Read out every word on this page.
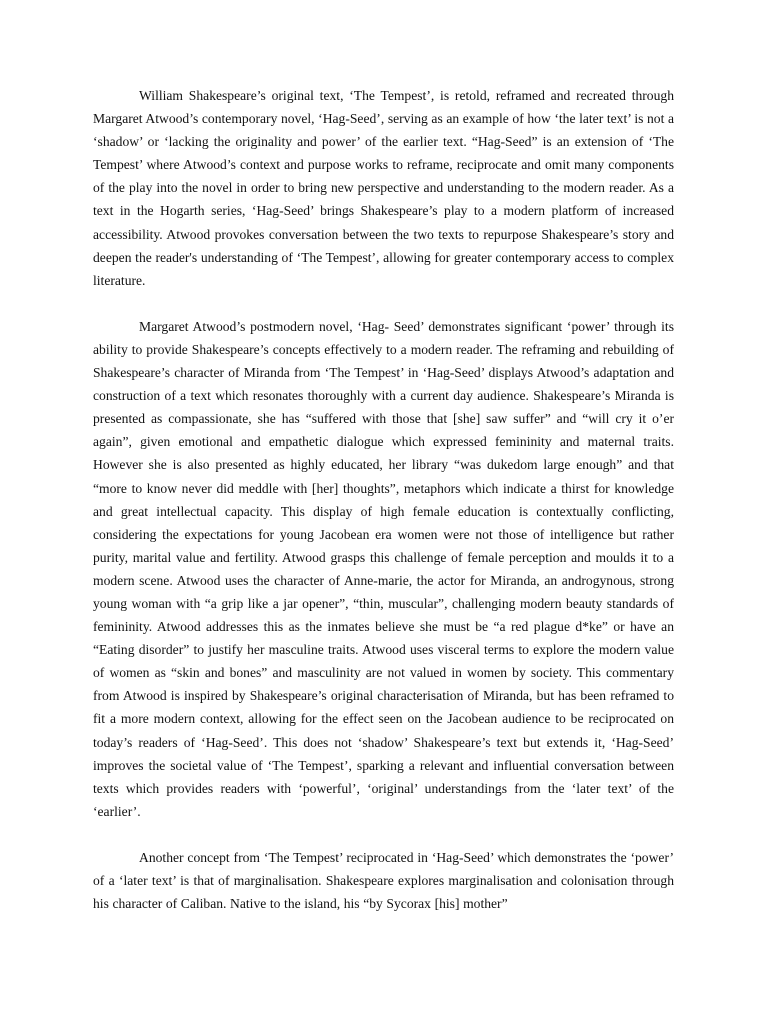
William Shakespeare’s original text, ‘The Tempest’, is retold, reframed and recreated through Margaret Atwood’s contemporary novel, ‘Hag-Seed’, serving as an example of how ‘the later text’ is not a ‘shadow’ or ‘lacking the originality and power’ of the earlier text. “Hag-Seed” is an extension of ‘The Tempest’ where Atwood’s context and purpose works to reframe, reciprocate and omit many components of the play into the novel in order to bring new perspective and understanding to the modern reader. As a text in the Hogarth series, ‘Hag-Seed’ brings Shakespeare’s play to a modern platform of increased accessibility. Atwood provokes conversation between the two texts to repurpose Shakespeare’s story and deepen the reader's understanding of ‘The Tempest’, allowing for greater contemporary access to complex literature.

Margaret Atwood’s postmodern novel, ‘Hag- Seed’ demonstrates significant ‘power’ through its ability to provide Shakespeare’s concepts effectively to a modern reader. The reframing and rebuilding of Shakespeare’s character of Miranda from ‘The Tempest’ in ‘Hag-Seed’ displays Atwood’s adaptation and construction of a text which resonates thoroughly with a current day audience. Shakespeare’s Miranda is presented as compassionate, she has “suffered with those that [she] saw suffer” and “will cry it o’er again”, given emotional and empathetic dialogue which expressed femininity and maternal traits. However she is also presented as highly educated, her library “was dukedom large enough” and that “more to know never did meddle with [her] thoughts”, metaphors which indicate a thirst for knowledge and great intellectual capacity. This display of high female education is contextually conflicting, considering the expectations for young Jacobean era women were not those of intelligence but rather purity, marital value and fertility. Atwood grasps this challenge of female perception and moulds it to a modern scene. Atwood uses the character of Anne-marie, the actor for Miranda, an androgynous, strong young woman with “a grip like a jar opener”, “thin, muscular”, challenging modern beauty standards of femininity. Atwood addresses this as the inmates believe she must be “a red plague d*ke” or have an “Eating disorder” to justify her masculine traits. Atwood uses visceral terms to explore the modern value of women as “skin and bones” and masculinity are not valued in women by society. This commentary from Atwood is inspired by Shakespeare’s original characterisation of Miranda, but has been reframed to fit a more modern context, allowing for the effect seen on the Jacobean audience to be reciprocated on today’s readers of ‘Hag-Seed’. This does not ‘shadow’ Shakespeare’s text but extends it, ‘Hag-Seed’ improves the societal value of ‘The Tempest’, sparking a relevant and influential conversation between texts which provides readers with ‘powerful’, ‘original’ understandings from the ‘later text’ of the ‘earlier’.

Another concept from ‘The Tempest’ reciprocated in ‘Hag-Seed’ which demonstrates the ‘power’ of a ‘later text’ is that of marginalisation. Shakespeare explores marginalisation and colonisation through his character of Caliban. Native to the island, his “by Sycorax [his] mother”
